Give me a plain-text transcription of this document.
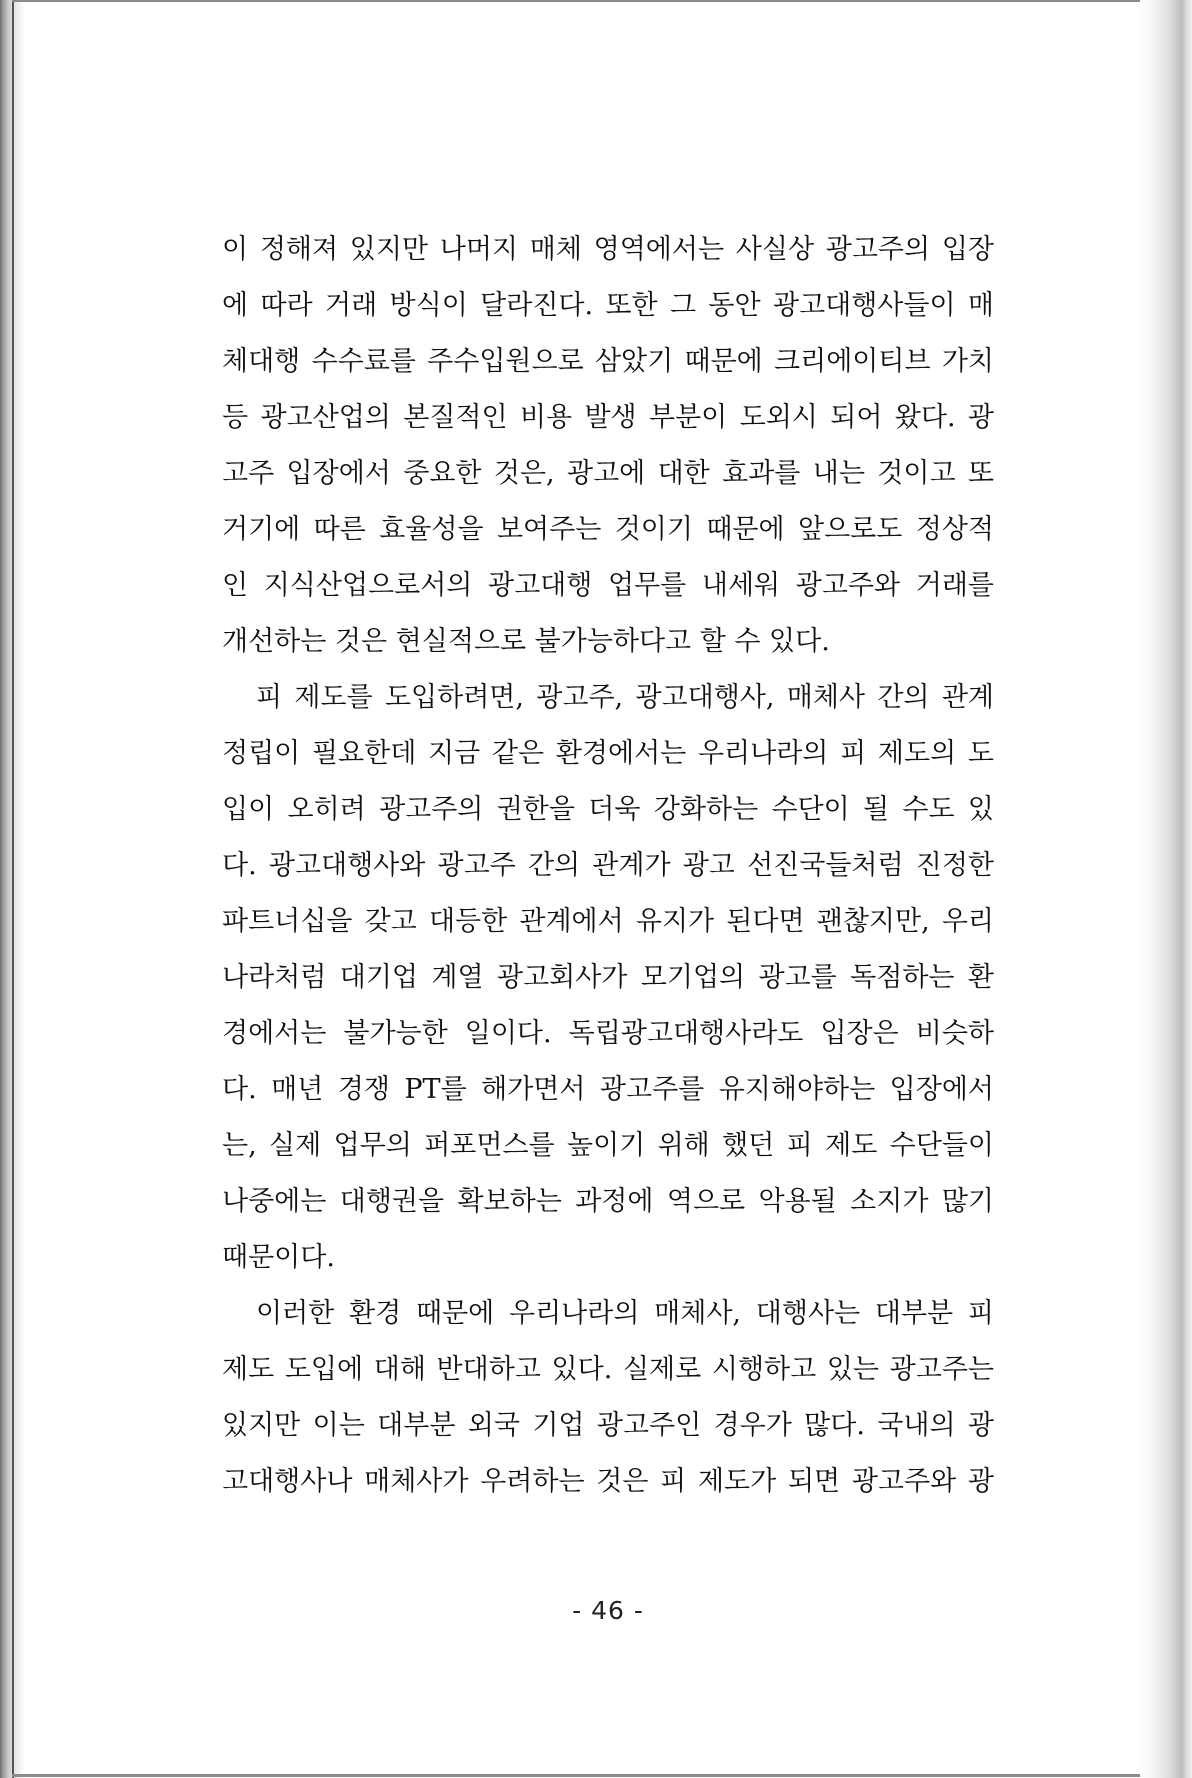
이 정해져 있지만 나머지 매체 영역에서는 사실상 광고주의 입장
에 따라 거래 방식이 달라진다. 또한 그 동안 광고대행사들이 매
체대행 수수료를 주수입원으로 삼았기 때문에 크리에이티브 가치
등 광고산업의 본질적인 비용 발생 부분이 도외시 되어 왔다. 광
고주 입장에서 중요한 것은, 광고에 대한 효과를 내는 것이고 또
거기에 따른 효율성을 보여주는 것이기 때문에 앞으로도 정상적
인 지식산업으로서의 광고대행 업무를 내세워 광고주와 거래를
개선하는 것은 현실적으로 불가능하다고 할 수 있다.
피 제도를 도입하려면, 광고주, 광고대행사, 매체사 간의 관계
정립이 필요한데 지금 같은 환경에서는 우리나라의 피 제도의 도
입이 오히려 광고주의 권한을 더욱 강화하는 수단이 될 수도 있
다. 광고대행사와 광고주 간의 관계가 광고 선진국들처럼 진정한
파트너십을 갖고 대등한 관계에서 유지가 된다면 괜찮지만, 우리
나라처럼 대기업 계열 광고회사가 모기업의 광고를 독점하는 환
경에서는 불가능한 일이다. 독립광고대행사라도 입장은 비슷하
다. 매년 경쟁 PT를 해가면서 광고주를 유지해야하는 입장에서
는, 실제 업무의 퍼포먼스를 높이기 위해 했던 피 제도 수단들이
나중에는 대행권을 확보하는 과정에 역으로 악용될 소지가 많기
때문이다.
이러한 환경 때문에 우리나라의 매체사, 대행사는 대부분 피
제도 도입에 대해 반대하고 있다. 실제로 시행하고 있는 광고주는
있지만 이는 대부분 외국 기업 광고주인 경우가 많다. 국내의 광
고대행사나 매체사가 우려하는 것은 피 제도가 되면 광고주와 광
- 46 -
